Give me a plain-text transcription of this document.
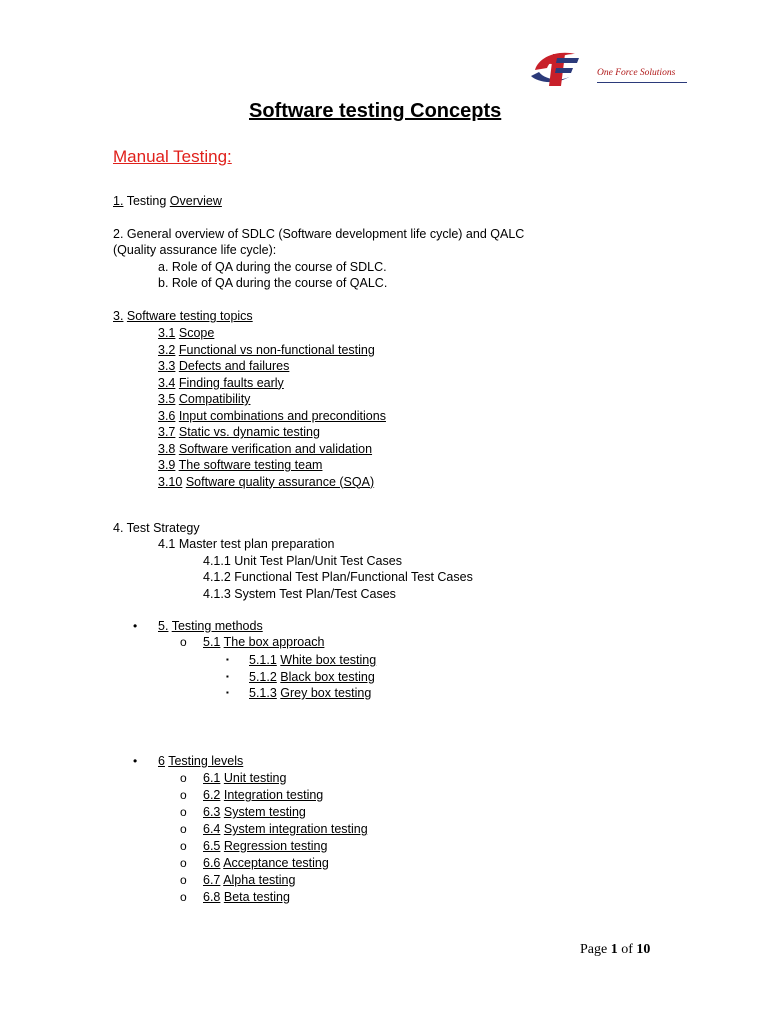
One Force Solutions
Software testing Concepts
Manual Testing:
1. Testing Overview
2. General overview of SDLC (Software development life cycle) and QALC
(Quality assurance life cycle):
a. Role of QA during the course of SDLC.
b. Role of QA during the course of QALC.
3. Software testing topics
3.1 Scope
3.2 Functional vs non-functional testing
3.3 Defects and failures
3.4 Finding faults early
3.5 Compatibility
3.6 Input combinations and preconditions
3.7 Static vs. dynamic testing
3.8 Software verification and validation
3.9 The software testing team
3.10 Software quality assurance (SQA)
4. Test Strategy
4.1 Master test plan preparation
4.1.1 Unit Test Plan/Unit Test Cases
4.1.2 Functional Test Plan/Functional Test Cases
4.1.3 System Test Plan/Test Cases
• 5. Testing methods
o 5.1 The box approach
▪ 5.1.1 White box testing
▪ 5.1.2 Black box testing
▪ 5.1.3 Grey box testing
• 6 Testing levels
o 6.1 Unit testing
o 6.2 Integration testing
o 6.3 System testing
o 6.4 System integration testing
o 6.5 Regression testing
o 6.6 Acceptance testing
o 6.7 Alpha testing
o 6.8 Beta testing
Page 1 of 10
